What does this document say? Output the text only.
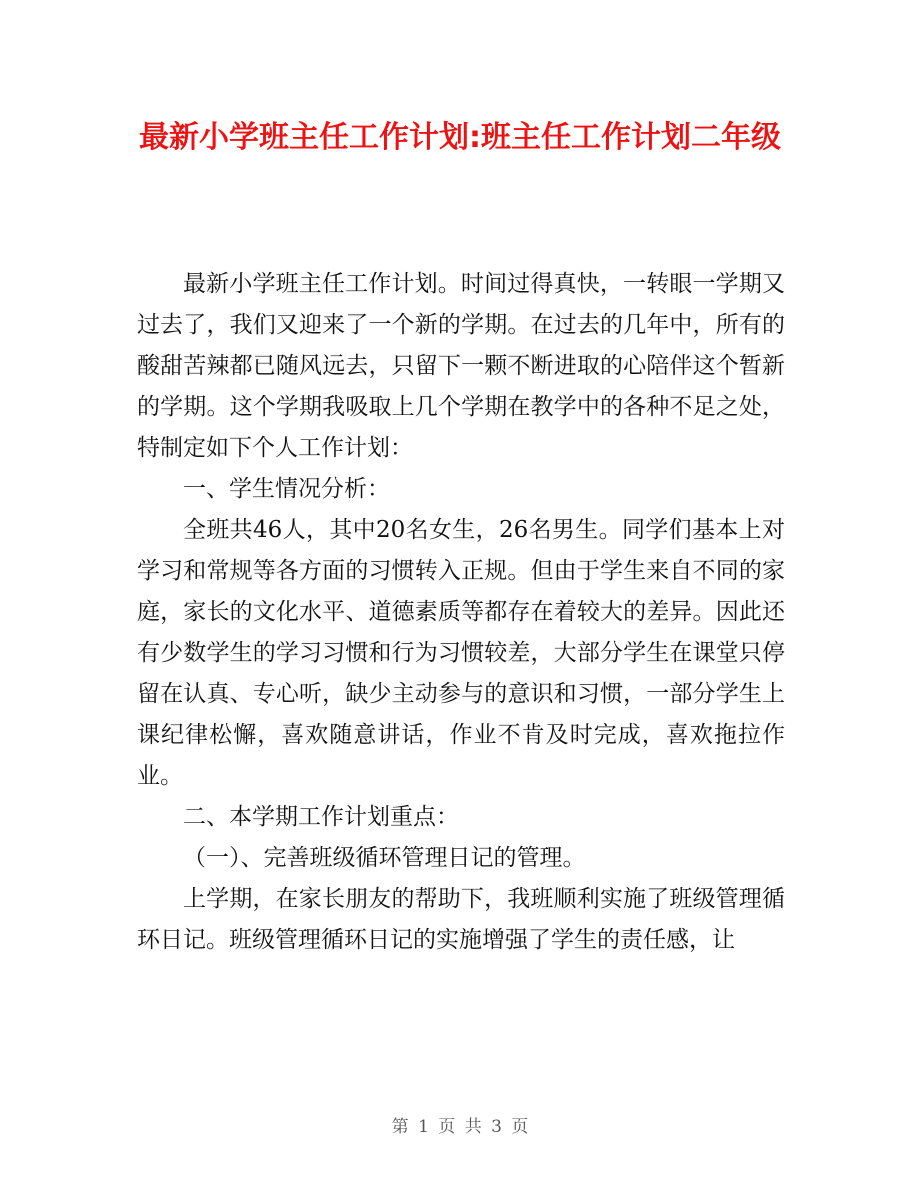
最新小学班主任工作计划:班主任工作计划二年级

最新小学班主任工作计划。时间过得真快，一转眼一学期又过去了，我们又迎来了一个新的学期。在过去的几年中，所有的酸甜苦辣都已随风远去，只留下一颗不断进取的心陪伴这个暂新的学期。这个学期我吸取上几个学期在教学中的各种不足之处，特制定如下个人工作计划：

一、学生情况分析：

全班共46人，其中20名女生，26名男生。同学们基本上对学习和常规等各方面的习惯转入正规。但由于学生来自不同的家庭，家长的文化水平、道德素质等都存在着较大的差异。因此还有少数学生的学习习惯和行为习惯较差，大部分学生在课堂只停留在认真、专心听，缺少主动参与的意识和习惯，一部分学生上课纪律松懈，喜欢随意讲话，作业不肯及时完成，喜欢拖拉作业。

二、本学期工作计划重点：

（一）、完善班级循环管理日记的管理。

上学期，在家长朋友的帮助下，我班顺利实施了班级管理循环日记。班级管理循环日记的实施增强了学生的责任感，让

第 1 页 共 3 页
